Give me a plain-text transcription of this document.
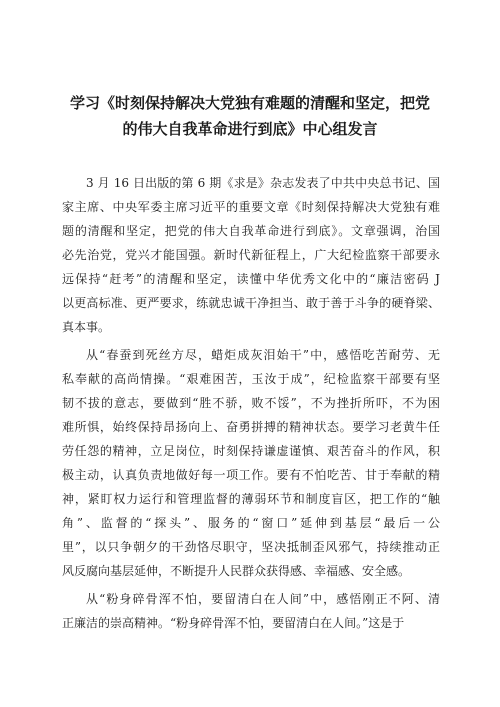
学习《时刻保持解决大党独有难题的清醒和坚定，把党
的伟大自我革命进行到底》中心组发言
3 月 16 日出版的第 6 期《求是》杂志发表了中共中央总书记、国
家主席、中央军委主席习近平的重要文章《时刻保持解决大党独有难
题的清醒和坚定，把党的伟大自我革命进行到底》。文章强调，治国
必先治党，党兴才能国强。新时代新征程上，广大纪检监察干部要永
远保持“赶考”的清醒和坚定，读懂中华优秀文化中的“廉洁密码 J
以更高标准、更严要求，练就忠诚干净担当、敢于善于斗争的硬脊梁、
真本事。
从“春蚕到死丝方尽，蜡炬成灰泪始干”中，感悟吃苦耐劳、无
私奉献的高尚情操。“艰难困苦，玉汝于成”，纪检监察干部要有坚
韧不拔的意志，要做到“胜不骄，败不馁”，不为挫折所吓，不为困
难所惧，始终保持昂扬向上、奋勇拼搏的精神状态。要学习老黄牛任
劳任怨的精神，立足岗位，时刻保持谦虚谨慎、艰苦奋斗的作风，积
极主动，认真负责地做好每一项工作。要有不怕吃苦、甘于奉献的精
神，紧盯权力运行和管理监督的薄弱环节和制度盲区，把工作的“触
角”、监督的“探头”、服务的“窗口”延伸到基层“最后一公
里”，以只争朝夕的干劲恪尽职守，坚决抵制歪风邪气，持续推动正
风反腐向基层延伸，不断提升人民群众获得感、幸福感、安全感。
从“粉身碎骨浑不怕，要留清白在人间”中，感悟刚正不阿、清
正廉洁的崇高精神。“粉身碎骨浑不怕，要留清白在人间。”这是于
